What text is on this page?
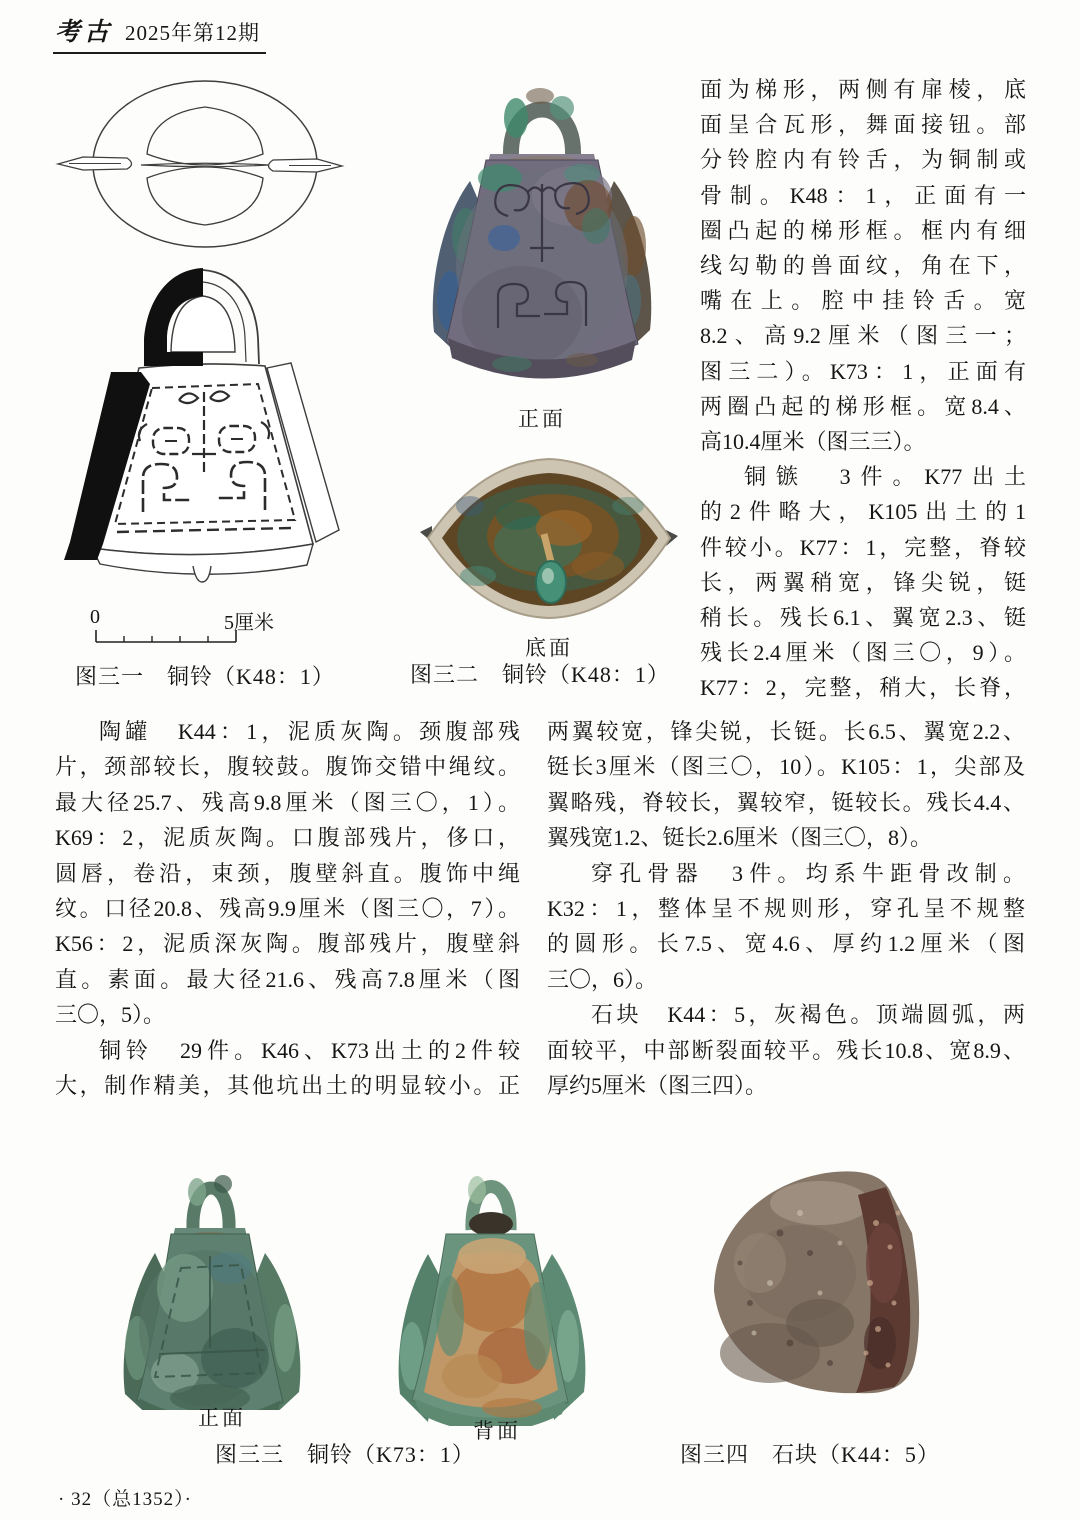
考古 2025年第12期
0	5厘米
图三一　铜铃（K48：1）
正面
底面
图三二　铜铃（K48：1）
面为梯形，两侧有扉棱，底
面呈合瓦形，舞面接钮。部
分铃腔内有铃舌，为铜制或
骨制。K48：1，正面有一
圈凸起的梯形框。框内有细
线勾勒的兽面纹，角在下，
嘴在上。腔中挂铃舌。宽
8.2、高9.2厘米（图三一；
图三二）。K73：1，正面有
两圈凸起的梯形框。宽8.4、
高10.4厘米（图三三）。
铜镞　3件。K77出土
的2件略大，K105出土的1
件较小。K77：1，完整，脊较
长，两翼稍宽，锋尖锐，铤
稍长。残长6.1、翼宽2.3、铤
残长2.4厘米（图三〇，9）。
K77：2，完整，稍大，长脊，
陶罐　K44：1，泥质灰陶。颈腹部残
片，颈部较长，腹较鼓。腹饰交错中绳纹。
最大径25.7、残高9.8厘米（图三〇，1）。
K69：2，泥质灰陶。口腹部残片，侈口，
圆唇，卷沿，束颈，腹壁斜直。腹饰中绳
纹。口径20.8、残高9.9厘米（图三〇，7）。
K56：2，泥质深灰陶。腹部残片，腹壁斜
直。素面。最大径21.6、残高7.8厘米（图
三〇，5）。
铜铃　29件。K46、K73出土的2件较
大，制作精美，其他坑出土的明显较小。正
两翼较宽，锋尖锐，长铤。长6.5、翼宽2.2、
铤长3厘米（图三〇，10）。K105：1，尖部及
翼略残，脊较长，翼较窄，铤较长。残长4.4、
翼残宽1.2、铤长2.6厘米（图三〇，8）。
穿孔骨器　3件。均系牛距骨改制。
K32：1，整体呈不规则形，穿孔呈不规整
的圆形。长7.5、宽4.6、厚约1.2厘米（图
三〇，6）。
石块　K44：5，灰褐色。顶端圆弧，两
面较平，中部断裂面较平。残长10.8、宽8.9、
厚约5厘米（图三四）。
正面
背面
图三三　铜铃（K73：1）	图三四　石块（K44：5）
· 32（总1352）·
